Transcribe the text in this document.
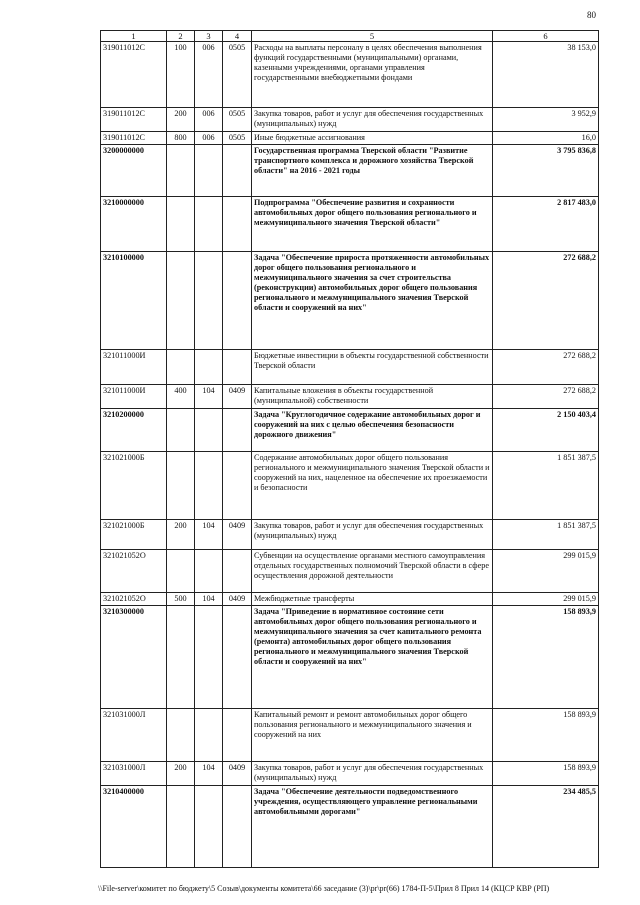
80
1	2	3	4	5	6
319011012С	100	006	0505	Расходы на выплаты персоналу в целях обеспечения выполнения функций государственными (муниципальными) органами, казенными учреждениями, органами управления государственными внебюджетными фондами	38 153,0
319011012С	200	006	0505	Закупка товаров, работ и услуг для обеспечения государственных (муниципальных) нужд	3 952,9
319011012С	800	006	0505	Иные бюджетные ассигнования	16,0
3200000000				Государственная программа Тверской области "Развитие транспортного комплекса и дорожного хозяйства Тверской области" на 2016 - 2021 годы	3 795 836,8
3210000000				Подпрограмма "Обеспечение развития и сохранности автомобильных дорог общего пользования регионального и межмуниципального значения Тверской области"	2 817 483,0
3210100000				Задача "Обеспечение прироста протяженности автомобильных дорог общего пользования регионального и межмуниципального значения за счет строительства (реконструкции) автомобильных дорог общего пользования регионального и межмуниципального значения Тверской области и сооружений на них"	272 688,2
321011000И				Бюджетные инвестиции в объекты государственной собственности Тверской области	272 688,2
321011000И	400	104	0409	Капитальные вложения в объекты государственной (муниципальной) собственности	272 688,2
3210200000				Задача "Круглогодичное содержание автомобильных дорог и сооружений на них с целью обеспечения безопасности дорожного движения"	2 150 403,4
321021000Б				Содержание автомобильных дорог общего пользования регионального и межмуниципального значения Тверской области и сооружений на них, нацеленное на обеспечение их проезжаемости и безопасности	1 851 387,5
321021000Б	200	104	0409	Закупка товаров, работ и услуг для обеспечения государственных (муниципальных) нужд	1 851 387,5
321021052О				Субвенции на осуществление органами местного самоуправления отдельных государственных полномочий Тверской области в сфере осуществления дорожной деятельности	299 015,9
321021052О	500	104	0409	Межбюджетные трансферты	299 015,9
3210300000				Задача "Приведение в нормативное состояние сети автомобильных дорог общего пользования регионального и межмуниципального значения за счет капитального ремонта (ремонта) автомобильных дорог общего пользования регионального и межмуниципального значения Тверской области и сооружений на них"	158 893,9
321031000Л				Капитальный ремонт и ремонт автомобильных дорог общего пользования регионального и межмуниципального значения и сооружений на них	158 893,9
321031000Л	200	104	0409	Закупка товаров, работ и услуг для обеспечения государственных (муниципальных) нужд	158 893,9
3210400000				Задача "Обеспечение деятельности подведомственного учреждения, осуществляющего управление региональными автомобильными дорогами"	234 485,5
\\File-server\комитет по бюджету\5 Созыв\документы комитета\66 заседание (3)\pr\pr(66) 1784-П-5\Прил 8 Прил 14 (КЦСР КВР (РП)
